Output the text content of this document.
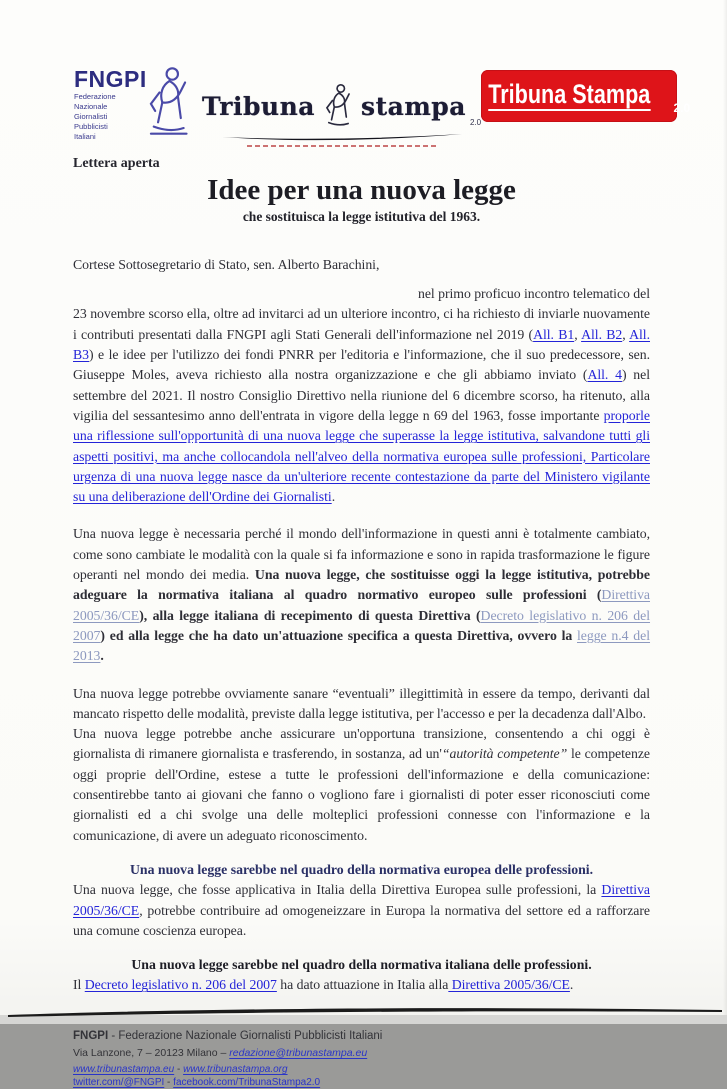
FNGPI
Federazione
Nazionale
Giornalisti
Pubblicisti
Italiani
Tribuna stampa
2.0
Tribuna Stampa 2.0
Lettera aperta
Idee per una nuova legge
che sostituisca la legge istitutiva del 1963.

Cortese Sottosegretario di Stato, sen. Alberto Barachini,

nel primo proficuo incontro telematico del

23 novembre scorso ella, oltre ad invitarci ad un ulteriore incontro, ci ha richiesto di inviarle nuovamente i contributi presentati dalla FNGPI agli Stati Generali dell'informazione nel 2019 (All. B1, All. B2, All. B3) e le idee per l'utilizzo dei fondi PNRR per l'editoria e l'informazione, che il suo predecessore, sen. Giuseppe Moles, aveva richiesto alla nostra organizzazione e che gli abbiamo inviato (All. 4) nel settembre del 2021. Il nostro Consiglio Direttivo nella riunione del 6 dicembre scorso, ha ritenuto, alla vigilia del sessantesimo anno dell'entrata in vigore della legge n 69 del 1963, fosse importante proporle una riflessione sull'opportunità di una nuova legge che superasse la legge istitutiva, salvandone tutti gli aspetti positivi, ma anche collocandola nell'alveo della normativa europea sulle professioni, Particolare urgenza di una nuova legge nasce da un'ulteriore recente contestazione da parte del Ministero vigilante su una deliberazione dell'Ordine dei Giornalisti.

Una nuova legge è necessaria perché il mondo dell'informazione in questi anni è totalmente cambiato, come sono cambiate le modalità con la quale si fa informazione e sono in rapida trasformazione le figure operanti nel mondo dei media. Una nuova legge, che sostituisse oggi la legge istitutiva, potrebbe adeguare la normativa italiana al quadro normativo europeo sulle professioni (Direttiva 2005/36/CE), alla legge italiana di recepimento di questa Direttiva (Decreto legislativo n. 206 del 2007) ed alla legge che ha dato un'attuazione specifica a questa Direttiva, ovvero la legge n.4 del 2013.

Una nuova legge potrebbe ovviamente sanare “eventuali” illegittimità in essere da tempo, derivanti dal mancato rispetto delle modalità, previste dalla legge istitutiva, per l'accesso e per la decadenza dall'Albo.

Una nuova legge potrebbe anche assicurare un'opportuna transizione, consentendo a chi oggi è giornalista di rimanere giornalista e trasferendo, in sostanza, ad un'“autorità competente” le competenze oggi proprie dell'Ordine, estese a tutte le professioni dell'informazione e della comunicazione: consentirebbe tanto ai giovani che fanno o vogliono fare i giornalisti di poter esser riconosciuti come giornalisti ed a chi svolge una delle molteplici professioni connesse con l'informazione e la comunicazione, di avere un adeguato riconoscimento.

Una nuova legge sarebbe nel quadro della normativa europea delle professioni.

Una nuova legge, che fosse applicativa in Italia della Direttiva Europea sulle professioni, la Direttiva 2005/36/CE, potrebbe contribuire ad omogeneizzare in Europa la normativa del settore ed a rafforzare una comune coscienza europea.

Una nuova legge sarebbe nel quadro della normativa italiana delle professioni.

Il Decreto legislativo n. 206 del 2007 ha dato attuazione in Italia alla Direttiva 2005/36/CE.

FNGPI - Federazione Nazionale Giornalisti Pubblicisti Italiani
Via Lanzone, 7 – 20123 Milano – redazione@tribunastampa.eu
www.tribunastampa.eu - www.tribunastampa.org
twitter.com/@FNGPI - facebook.com/TribunaStampa2.0
